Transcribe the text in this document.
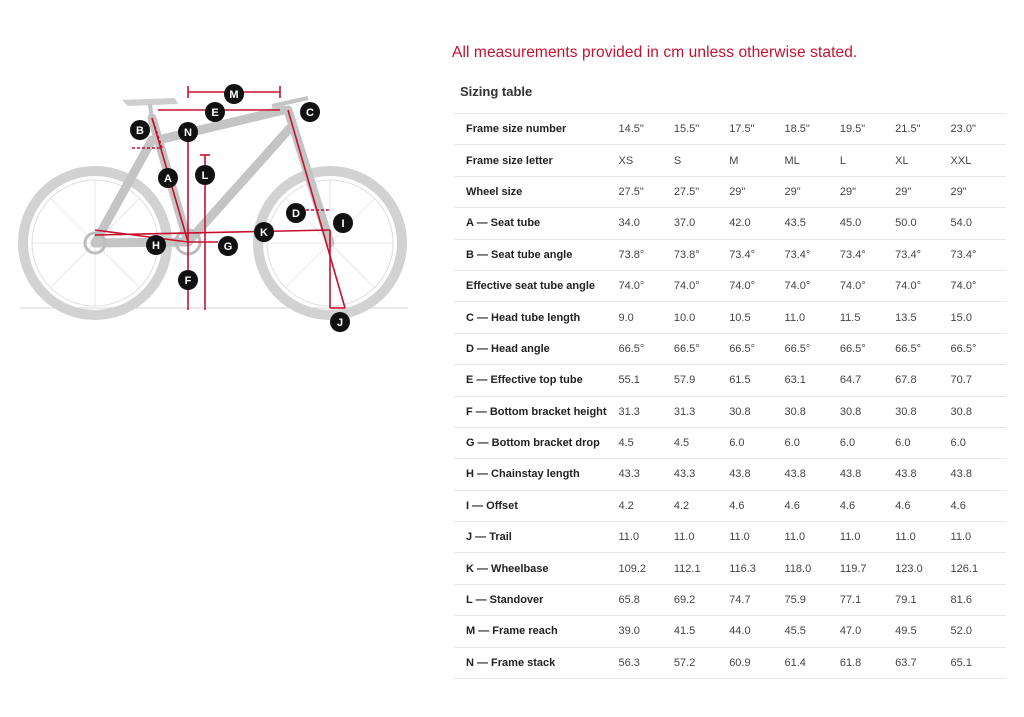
All measurements provided in cm unless otherwise stated.
M
E	C
B	N
A	L
D
I
H	G
K
F
J
Sizing table
Frame size number	14.5"	15.5"	17.5"	18.5"	19.5"	21.5"	23.0"
Frame size letter	XS	S	M	ML	L	XL	XXL
Wheel size	27.5"	27.5"	29"	29"	29"	29"	29"
A — Seat tube	34.0	37.0	42.0	43.5	45.0	50.0	54.0
B — Seat tube angle	73.8°	73.8°	73.4°	73.4°	73.4°	73.4°	73.4°
Effective seat tube angle	74.0°	74.0°	74.0°	74.0°	74.0°	74.0°	74.0°
C — Head tube length	9.0	10.0	10.5	11.0	11.5	13.5	15.0
D — Head angle	66.5°	66.5°	66.5°	66.5°	66.5°	66.5°	66.5°
E — Effective top tube	55.1	57.9	61.5	63.1	64.7	67.8	70.7
F — Bottom bracket height	31.3	31.3	30.8	30.8	30.8	30.8	30.8
G — Bottom bracket drop	4.5	4.5	6.0	6.0	6.0	6.0	6.0
H — Chainstay length	43.3	43.3	43.8	43.8	43.8	43.8	43.8
I — Offset	4.2	4.2	4.6	4.6	4.6	4.6	4.6
J — Trail	11.0	11.0	11.0	11.0	11.0	11.0	11.0
K — Wheelbase	109.2	112.1	116.3	118.0	119.7	123.0	126.1
L — Standover	65.8	69.2	74.7	75.9	77.1	79.1	81.6
M — Frame reach	39.0	41.5	44.0	45.5	47.0	49.5	52.0
N — Frame stack	56.3	57.2	60.9	61.4	61.8	63.7	65.1
